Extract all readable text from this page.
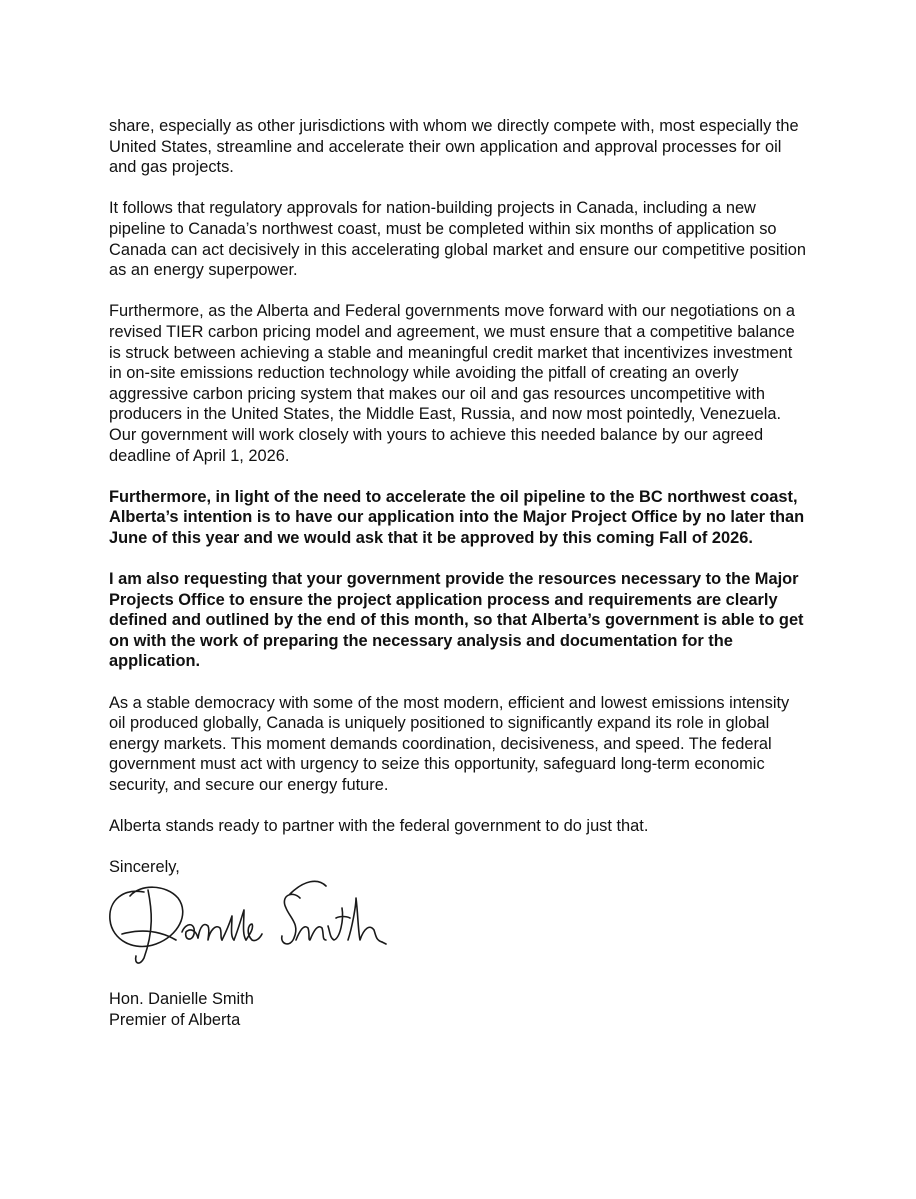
share, especially as other jurisdictions with whom we directly compete with, most especially the United States, streamline and accelerate their own application and approval processes for oil and gas projects.

It follows that regulatory approvals for nation-building projects in Canada, including a new pipeline to Canada’s northwest coast, must be completed within six months of application so Canada can act decisively in this accelerating global market and ensure our competitive position as an energy superpower.

Furthermore, as the Alberta and Federal governments move forward with our negotiations on a revised TIER carbon pricing model and agreement, we must ensure that a competitive balance is struck between achieving a stable and meaningful credit market that incentivizes investment in on-site emissions reduction technology while avoiding the pitfall of creating an overly aggressive carbon pricing system that makes our oil and gas resources uncompetitive with producers in the United States, the Middle East, Russia, and now most pointedly, Venezuela. Our government will work closely with yours to achieve this needed balance by our agreed deadline of April 1, 2026.

Furthermore, in light of the need to accelerate the oil pipeline to the BC northwest coast, Alberta’s intention is to have our application into the Major Project Office by no later than June of this year and we would ask that it be approved by this coming Fall of 2026.

I am also requesting that your government provide the resources necessary to the Major Projects Office to ensure the project application process and requirements are clearly defined and outlined by the end of this month, so that Alberta’s government is able to get on with the work of preparing the necessary analysis and documentation for the application.

As a stable democracy with some of the most modern, efficient and lowest emissions intensity oil produced globally, Canada is uniquely positioned to significantly expand its role in global energy markets. This moment demands coordination, decisiveness, and speed. The federal government must act with urgency to seize this opportunity, safeguard long-term economic security, and secure our energy future.

Alberta stands ready to partner with the federal government to do just that.

Sincerely,

Hon. Danielle Smith
Premier of Alberta
